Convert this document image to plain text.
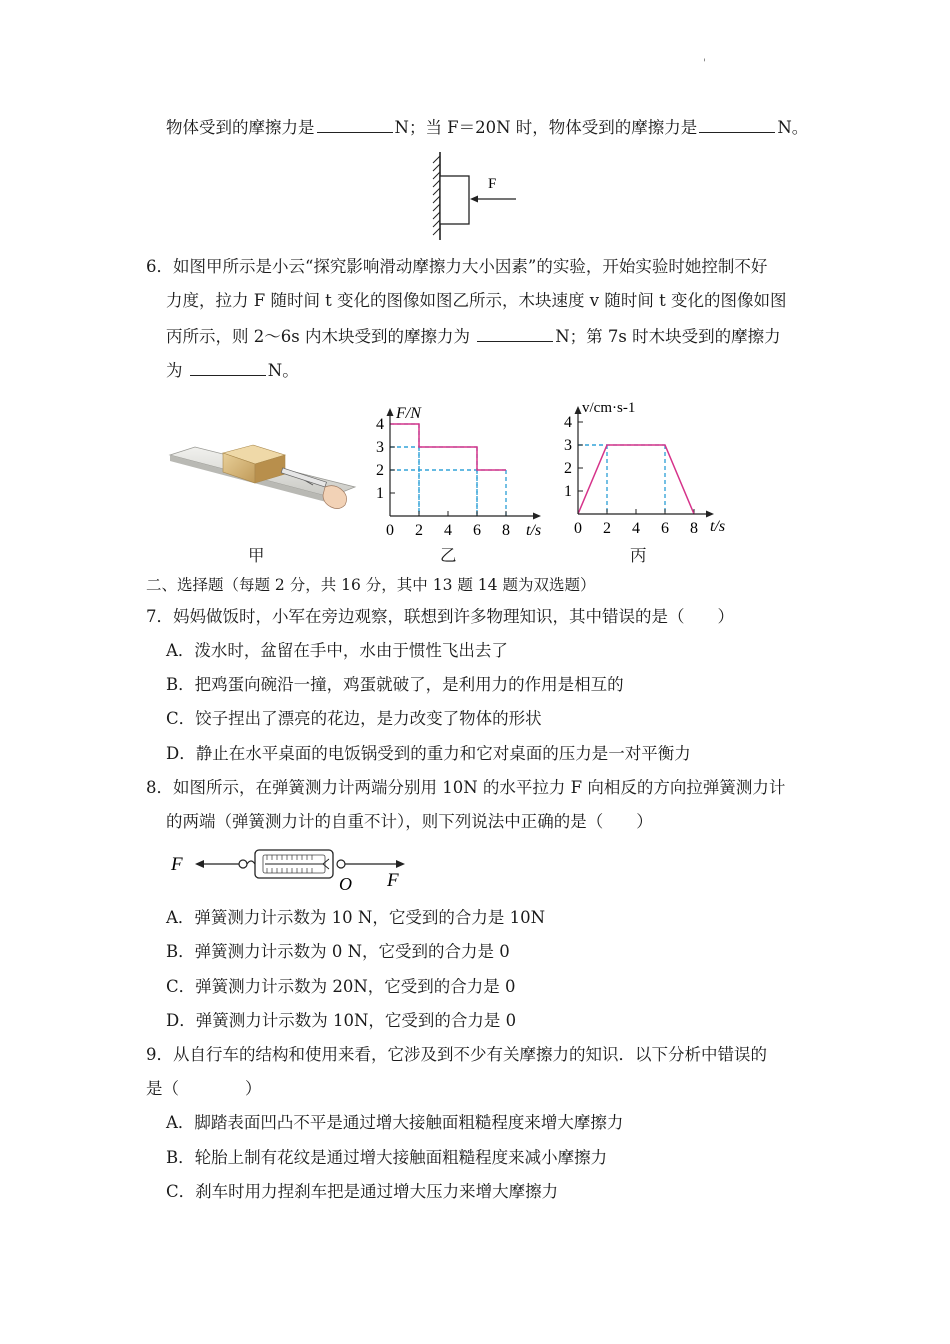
'
物体受到的摩擦力是	N；当 F＝20N 时，物体受到的摩擦力是	N。
F
6．如图甲所示是小云“探究影响滑动摩擦力大小因素”的实验，开始实验时她控制不好
力度，拉力 F 随时间 t 变化的图像如图乙所示，木块速度 v 随时间 t 变化的图像如图
丙所示，则 2～6s 内木块受到的摩擦力为	N；第 7s 时木块受到的摩擦力
为	N。
1
2
3
4
0 2 4 6 8
F/N
t/s
1
2
3
4
0 2 4 6 8
v/cm·s-1
t/s
甲	乙	丙
二、选择题（每题 2 分，共 16 分，其中 13 题 14 题为双选题）
7．妈妈做饭时，小军在旁边观察，联想到许多物理知识，其中错误的是（　　）
A．泼水时，盆留在手中，水由于惯性飞出去了
B．把鸡蛋向碗沿一撞，鸡蛋就破了，是利用力的作用是相互的
C．饺子捏出了漂亮的花边，是力改变了物体的形状
D．静止在水平桌面的电饭锅受到的重力和它对桌面的压力是一对平衡力
8．如图所示，在弹簧测力计两端分别用 10N 的水平拉力 F 向相反的方向拉弹簧测力计
的两端（弹簧测力计的自重不计），则下列说法中正确的是（　　）
F
O F
A．弹簧测力计示数为 10 N，它受到的合力是 10N
B．弹簧测力计示数为 0 N，它受到的合力是 0
C．弹簧测力计示数为 20N，它受到的合力是 0
D．弹簧测力计示数为 10N，它受到的合力是 0
9．从自行车的结构和使用来看，它涉及到不少有关摩擦力的知识．以下分析中错误的
是（　　　　）
A．脚踏表面凹凸不平是通过增大接触面粗糙程度来增大摩擦力
B．轮胎上制有花纹是通过增大接触面粗糙程度来减小摩擦力
C．刹车时用力捏刹车把是通过增大压力来增大摩擦力
